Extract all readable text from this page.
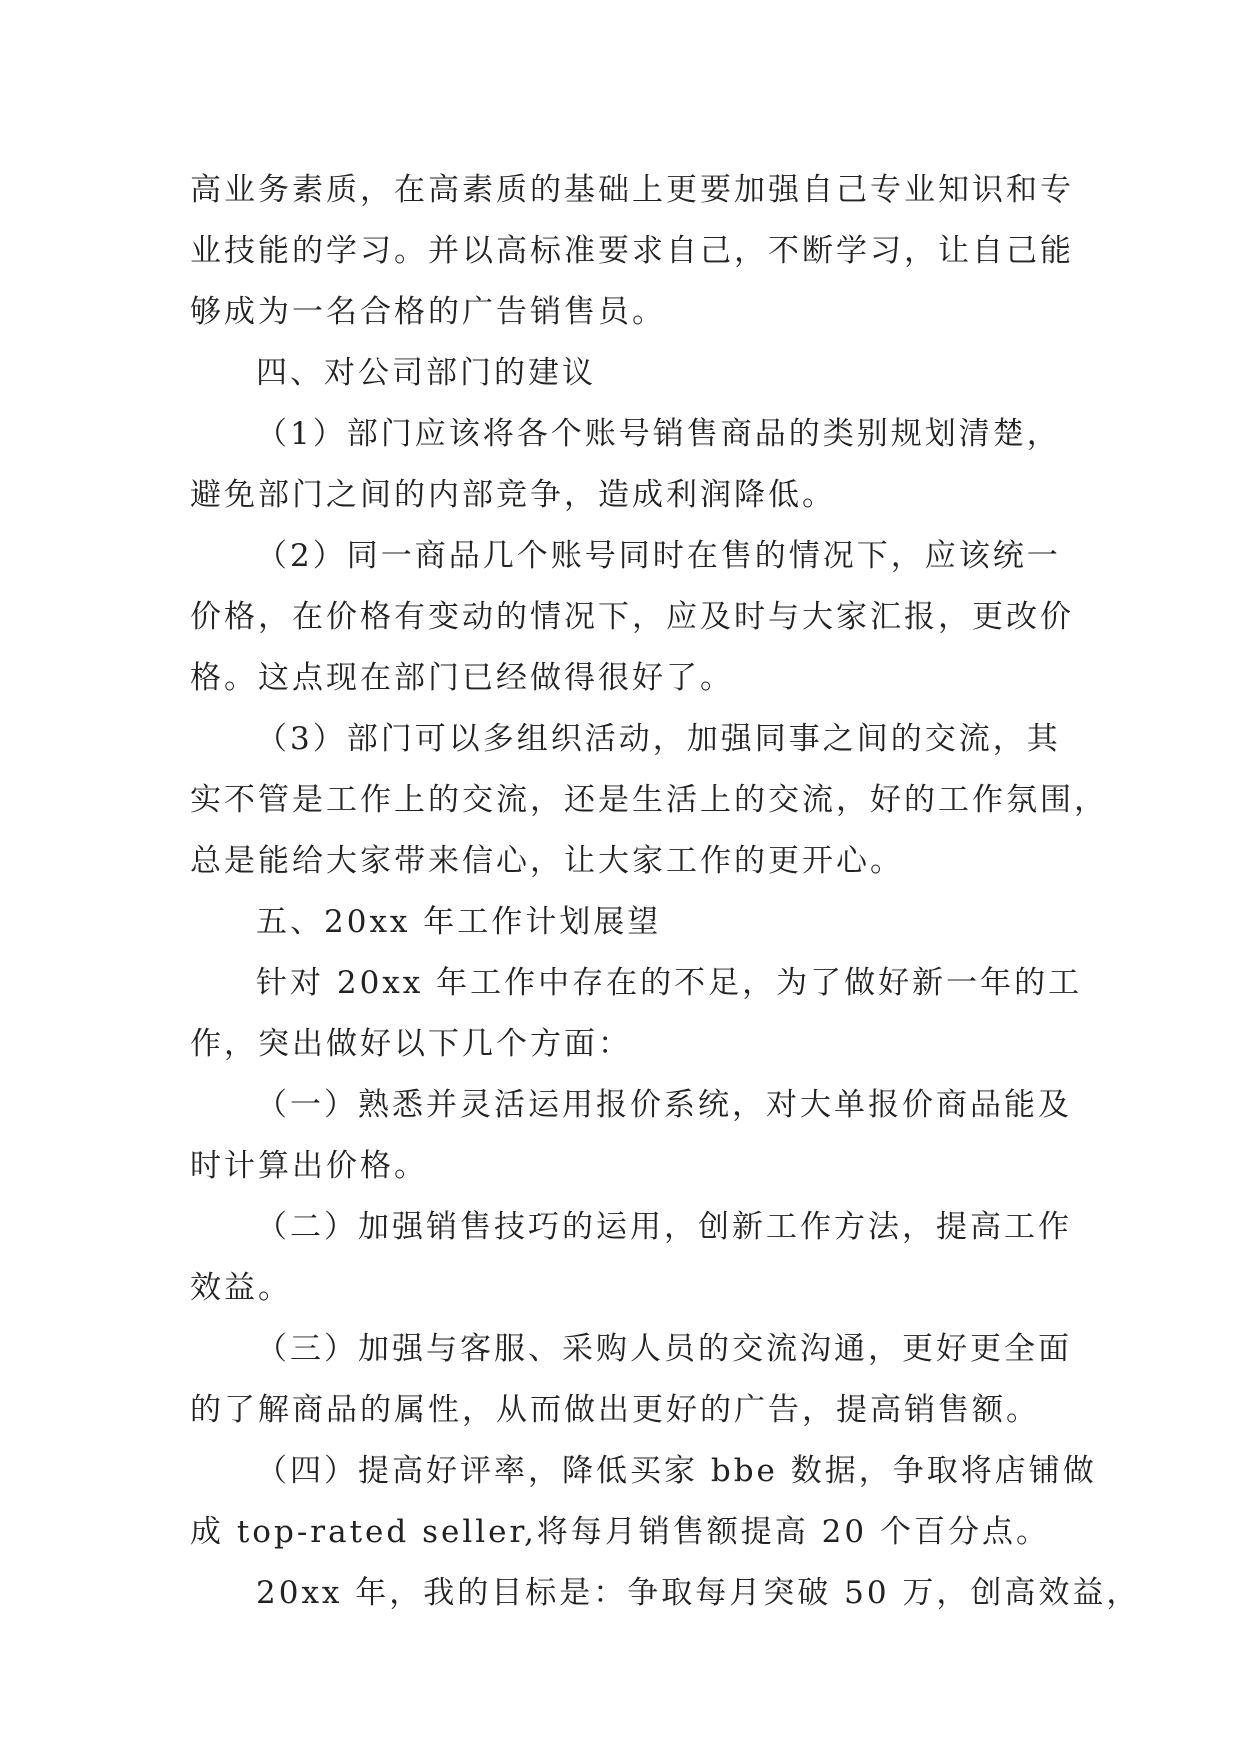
高业务素质，在高素质的基础上更要加强自己专业知识和专
业技能的学习。并以高标准要求自己，不断学习，让自己能
够成为一名合格的广告销售员。
四、对公司部门的建议
（1）部门应该将各个账号销售商品的类别规划清楚，
避免部门之间的内部竞争，造成利润降低。
（2）同一商品几个账号同时在售的情况下，应该统一
价格，在价格有变动的情况下，应及时与大家汇报，更改价
格。这点现在部门已经做得很好了。
（3）部门可以多组织活动，加强同事之间的交流，其
实不管是工作上的交流，还是生活上的交流，好的工作氛围，
总是能给大家带来信心，让大家工作的更开心。
五、20xx 年工作计划展望
针对 20xx 年工作中存在的不足，为了做好新一年的工
作，突出做好以下几个方面：
（一）熟悉并灵活运用报价系统，对大单报价商品能及
时计算出价格。
（二）加强销售技巧的运用，创新工作方法，提高工作
效益。
（三）加强与客服、采购人员的交流沟通，更好更全面
的了解商品的属性，从而做出更好的广告，提高销售额。
（四）提高好评率，降低买家 bbe 数据，争取将店铺做
成 top-rated seller,将每月销售额提高 20 个百分点。
20xx 年，我的目标是：争取每月突破 50 万，创高效益，
